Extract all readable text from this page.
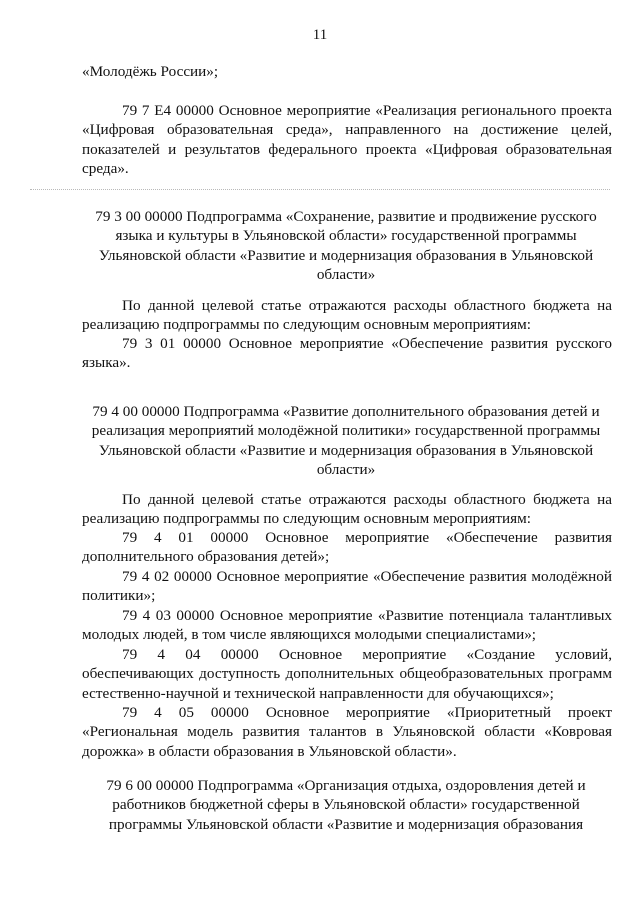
11
«Молодёжь России»;
79 7 Е4 00000 Основное мероприятие «Реализация регионального проекта «Цифровая образовательная среда», направленного на достижение целей, показателей и результатов федерального проекта «Цифровая образовательная среда».
79 3 00 00000 Подпрограмма «Сохранение, развитие и продвижение русского языка и культуры в Ульяновской области» государственной программы Ульяновской области «Развитие и модернизация образования в Ульяновской области»
По данной целевой статье отражаются расходы областного бюджета на реализацию подпрограммы по следующим основным мероприятиям:
79 3 01 00000 Основное мероприятие «Обеспечение развития русского языка».
79 4 00 00000 Подпрограмма «Развитие дополнительного образования детей и реализация мероприятий молодёжной политики» государственной программы Ульяновской области «Развитие и модернизация образования в Ульяновской области»
По данной целевой статье отражаются расходы областного бюджета на реализацию подпрограммы по следующим основным мероприятиям:
79 4 01 00000 Основное мероприятие «Обеспечение развития дополнительного образования детей»;
79 4 02 00000 Основное мероприятие «Обеспечение развития молодёжной политики»;
79 4 03 00000 Основное мероприятие «Развитие потенциала талантливых молодых людей, в том числе являющихся молодыми специалистами»;
79 4 04 00000 Основное мероприятие «Создание условий, обеспечивающих доступность дополнительных общеобразовательных программ естественно-научной и технической направленности для обучающихся»;
79 4 05 00000 Основное мероприятие «Приоритетный проект «Региональная модель развития талантов в Ульяновской области «Ковровая дорожка» в области образования в Ульяновской области».
79 6 00 00000 Подпрограмма «Организация отдыха, оздоровления детей и работников бюджетной сферы в Ульяновской области» государственной программы Ульяновской области «Развитие и модернизация образования
